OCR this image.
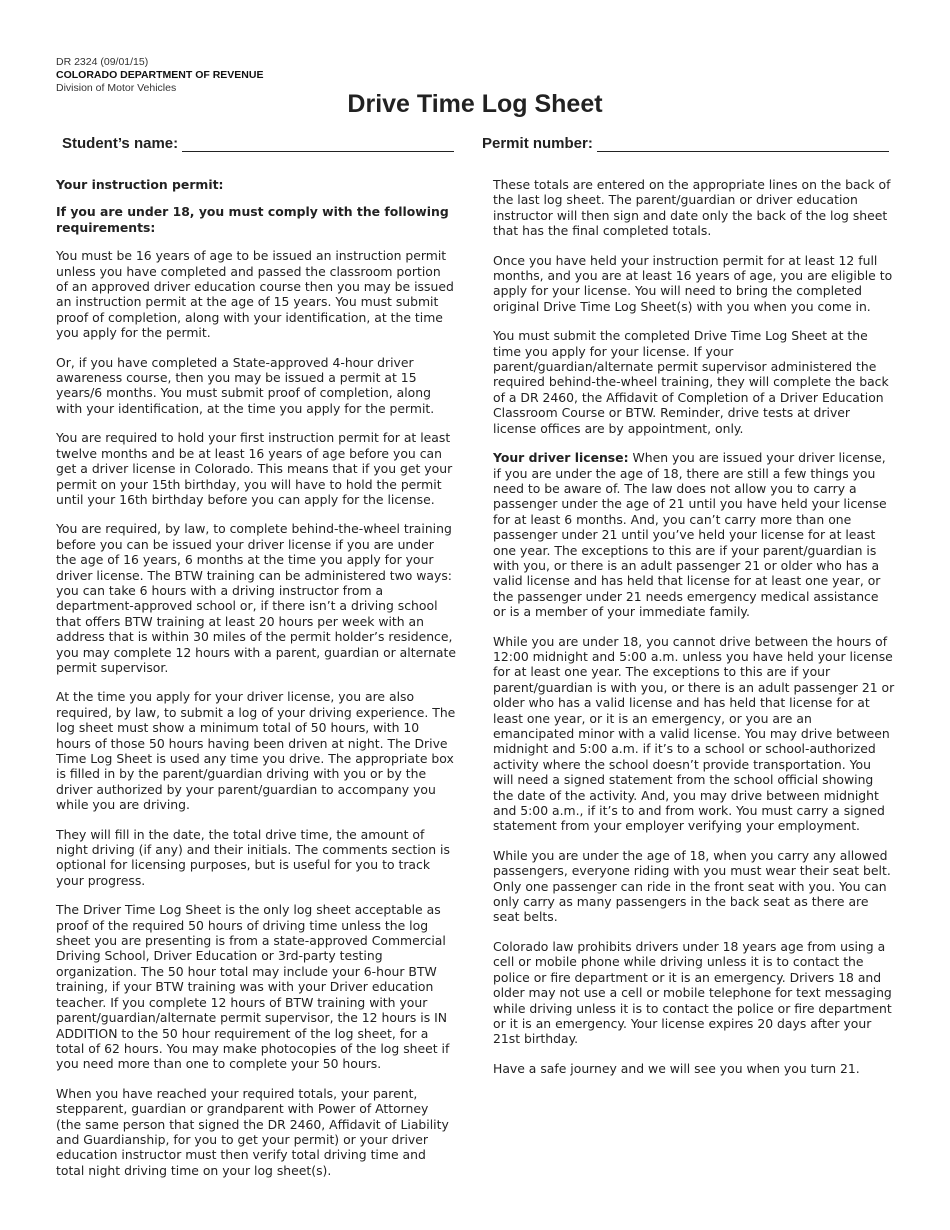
DR 2324 (09/01/15)
COLORADO DEPARTMENT OF REVENUE
Division of Motor Vehicles
Drive Time Log Sheet
Student’s name:	Permit number:

Your instruction permit:

If you are under 18, you must comply with the following requirements:

You must be 16 years of age to be issued an instruction permit unless you have completed and passed the classroom portion of an approved driver education course then you may be issued an instruction permit at the age of 15 years. You must submit proof of completion, along with your identification, at the time you apply for the permit.

Or, if you have completed a State-approved 4-hour driver awareness course, then you may be issued a permit at 15 years/6 months. You must submit proof of completion, along with your identification, at the time you apply for the permit.

You are required to hold your first instruction permit for at least twelve months and be at least 16 years of age before you can get a driver license in Colorado. This means that if you get your permit on your 15th birthday, you will have to hold the permit until your 16th birthday before you can apply for the license.

You are required, by law, to complete behind-the-wheel training before you can be issued your driver license if you are under the age of 16 years, 6 months at the time you apply for your driver license. The BTW training can be administered two ways: you can take 6 hours with a driving instructor from a department-approved school or, if there isn’t a driving school that offers BTW training at least 20 hours per week with an address that is within 30 miles of the permit holder’s residence, you may complete 12 hours with a parent, guardian or alternate permit supervisor.

At the time you apply for your driver license, you are also required, by law, to submit a log of your driving experience. The log sheet must show a minimum total of 50 hours, with 10 hours of those 50 hours having been driven at night. The Drive Time Log Sheet is used any time you drive. The appropriate box is filled in by the parent/guardian driving with you or by the driver authorized by your parent/guardian to accompany you while you are driving.

They will fill in the date, the total drive time, the amount of night driving (if any) and their initials. The comments section is optional for licensing purposes, but is useful for you to track your progress.

The Driver Time Log Sheet is the only log sheet acceptable as proof of the required 50 hours of driving time unless the log sheet you are presenting is from a state-approved Commercial Driving School, Driver Education or 3rd-party testing organization. The 50 hour total may include your 6-hour BTW training, if your BTW training was with your Driver education teacher. If you complete 12 hours of BTW training with your parent/guardian/alternate permit supervisor, the 12 hours is IN ADDITION to the 50 hour requirement of the log sheet, for a total of 62 hours. You may make photocopies of the log sheet if you need more than one to complete your 50 hours.

When you have reached your required totals, your parent, stepparent, guardian or grandparent with Power of Attorney (the same person that signed the DR 2460, Affidavit of Liability and Guardianship, for you to get your permit) or your driver education instructor must then verify total driving time and total night driving time on your log sheet(s).

These totals are entered on the appropriate lines on the back of the last log sheet. The parent/guardian or driver education instructor will then sign and date only the back of the log sheet that has the final completed totals.

Once you have held your instruction permit for at least 12 full months, and you are at least 16 years of age, you are eligible to apply for your license. You will need to bring the completed original Drive Time Log Sheet(s) with you when you come in.

You must submit the completed Drive Time Log Sheet at the time you apply for your license. If your parent/guardian/alternate permit supervisor administered the required behind-the-wheel training, they will complete the back of a DR 2460, the Affidavit of Completion of a Driver Education Classroom Course or BTW. Reminder, drive tests at driver license offices are by appointment, only.

Your driver license: When you are issued your driver license, if you are under the age of 18, there are still a few things you need to be aware of. The law does not allow you to carry a passenger under the age of 21 until you have held your license for at least 6 months. And, you can’t carry more than one passenger under 21 until you’ve held your license for at least one year. The exceptions to this are if your parent/guardian is with you, or there is an adult passenger 21 or older who has a valid license and has held that license for at least one year, or the passenger under 21 needs emergency medical assistance or is a member of your immediate family.

While you are under 18, you cannot drive between the hours of 12:00 midnight and 5:00 a.m. unless you have held your license for at least one year. The exceptions to this are if your parent/guardian is with you, or there is an adult passenger 21 or older who has a valid license and has held that license for at least one year, or it is an emergency, or you are an emancipated minor with a valid license. You may drive between midnight and 5:00 a.m. if it’s to a school or school-authorized activity where the school doesn’t provide transportation. You will need a signed statement from the school official showing the date of the activity. And, you may drive between midnight and 5:00 a.m., if it’s to and from work. You must carry a signed statement from your employer verifying your employment.

While you are under the age of 18, when you carry any allowed passengers, everyone riding with you must wear their seat belt. Only one passenger can ride in the front seat with you. You can only carry as many passengers in the back seat as there are seat belts.

Colorado law prohibits drivers under 18 years age from using a cell or mobile phone while driving unless it is to contact the police or fire department or it is an emergency. Drivers 18 and older may not use a cell or mobile telephone for text messaging while driving unless it is to contact the police or fire department or it is an emergency. Your license expires 20 days after your 21st birthday.

Have a safe journey and we will see you when you turn 21.
